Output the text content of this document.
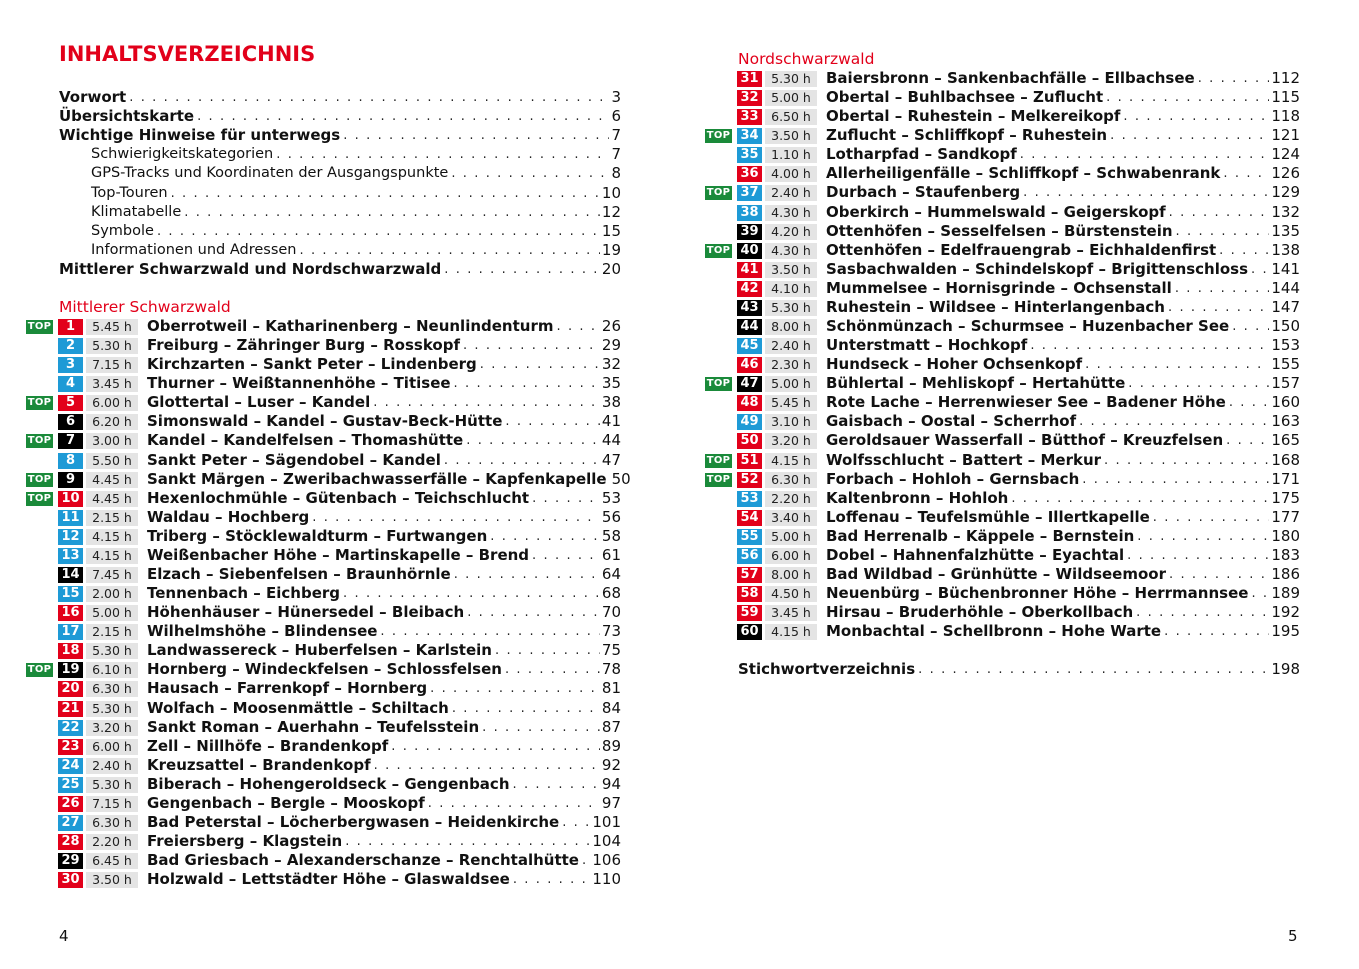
INHALTSVERZEICHNIS
Vorwort . . .	3
Übersichtskarte . . .	6
Wichtige Hinweise für unterwegs . . .	7
Schwierigkeitskategorien . . .	7
GPS-Tracks und Koordinaten der Ausgangspunkte . . .	8
Top-Touren . . .	10
Klimatabelle . . .	12
Symbole . . .	15
Informationen und Adressen . . .	19
Mittlerer Schwarzwald und Nordschwarzwald . . .	20
Mittlerer Schwarzwald
TOP	1	5.45 h	Oberrotweil – Katharinenberg – Neunlindenturm . . .	26
2	5.30 h	Freiburg – Zähringer Burg – Rosskopf . . .	29
3	7.15 h	Kirchzarten – Sankt Peter – Lindenberg . . .	32
4	3.45 h	Thurner – Weißtannenhöhe – Titisee . . .	35
TOP	5	6.00 h	Glottertal – Luser – Kandel . . .	38
6	6.20 h	Simonswald – Kandel – Gustav-Beck-Hütte . . .	41
TOP	7	3.00 h	Kandel – Kandelfelsen – Thomashütte . . .	44
8	5.50 h	Sankt Peter – Sägendobel – Kandel . . .	47
TOP	9	4.45 h	Sankt Märgen – Zweribachwasserfälle – Kapfenkapelle 50
TOP 10	4.45 h	Hexenlochmühle – Gütenbach – Teichschlucht . . .	53
11	2.15 h	Waldau – Hochberg . . .	56
12	4.15 h	Triberg – Stöcklewaldturm – Furtwangen . . .	58
13	4.15 h	Weißenbacher Höhe – Martinskapelle – Brend . . .	61
14	7.45 h	Elzach – Siebenfelsen – Braunhörnle . . .	64
15	2.00 h	Tennenbach – Eichberg . . .	68
16	5.00 h	Höhenhäuser – Hünersedel – Bleibach . . .	70
17	2.15 h	Wilhelmshöhe – Blindensee . . .	73
18	5.30 h	Landwassereck – Huberfelsen – Karlstein . . .	75
TOP 19	6.10 h	Hornberg – Windeckfelsen – Schlossfelsen . . .	78
20	6.30 h	Hausach – Farrenkopf – Hornberg . . .	81
21	5.30 h	Wolfach – Moosenmättle – Schiltach . . .	84
22	3.20 h	Sankt Roman – Auerhahn – Teufelsstein . . .	87
23	6.00 h	Zell – Nillhöfe – Brandenkopf . . .	89
24	2.40 h	Kreuzsattel – Brandenkopf . . .	92
25	5.30 h	Biberach – Hohengeroldseck – Gengenbach . . .	94
26	7.15 h	Gengenbach – Bergle – Mooskopf . . .	97
27	6.30 h	Bad Peterstal – Löcherbergwasen – Heidenkirche . . . 101
28	2.20 h	Freiersberg – Klagstein . . .	104
29	6.45 h	Bad Griesbach – Alexanderschanze – Renchtalhütte . . . 106
30	3.50 h	Holzwald – Lettstädter Höhe – Glaswaldsee . . .	110
4
Nordschwarzwald
31	5.30 h	Baiersbronn – Sankenbachfälle – Ellbachsee . . .	112
32	5.00 h	Obertal – Buhlbachsee – Zuflucht . . .	115
33	6.50 h	Obertal – Ruhestein – Melkereikopf . . .	118
TOP 34	3.50 h	Zuflucht – Schliffkopf – Ruhestein . . .	121
35	1.10 h	Lotharpfad – Sandkopf . . .	124
36	4.00 h	Allerheiligenfälle – Schliffkopf – Schwabenrank . . .	126
TOP 37	2.40 h	Durbach – Staufenberg . . .	129
38	4.30 h	Oberkirch – Hummelswald – Geigerskopf . . .	132
39	4.20 h	Ottenhöfen – Sesselfelsen – Bürstenstein . . .	135
TOP 40	4.30 h	Ottenhöfen – Edelfrauengrab – Eichhaldenfirst . . .	138
41	3.50 h	Sasbachwalden – Schindelskopf – Brigittenschloss . . . 141
42	4.10 h	Mummelsee – Hornisgrinde – Ochsenstall . . .	144
43	5.30 h	Ruhestein – Wildsee – Hinterlangenbach . . .	147
44	8.00 h	Schönmünzach – Schurmsee – Huzenbacher See . . .	150
45	2.40 h	Unterstmatt – Hochkopf . . .	153
46	2.30 h	Hundseck – Hoher Ochsenkopf . . .	155
TOP 47	5.00 h	Bühlertal – Mehliskopf – Hertahütte . . .	157
48	5.45 h	Rote Lache – Herrenwieser See – Badener Höhe . . .	160
49	3.10 h	Gaisbach – Oostal – Scherrhof . . .	163
50	3.20 h	Geroldsauer Wasserfall – Bütthof – Kreuzfelsen . . .	165
TOP 51	4.15 h	Wolfsschlucht – Battert – Merkur . . .	168
TOP 52	6.30 h	Forbach – Hohloh – Gernsbach . . .	171
53	2.20 h	Kaltenbronn – Hohloh . . .	175
54	3.40 h	Loffenau – Teufelsmühle – Illertkapelle . . .	177
55	5.00 h	Bad Herrenalb – Käppele – Bernstein . . .	180
56	6.00 h	Dobel – Hahnenfalzhütte – Eyachtal . . .	183
57	8.00 h	Bad Wildbad – Grünhütte – Wildseemoor . . .	186
58	4.50 h	Neuenbürg – Büchenbronner Höhe – Herrmannsee . . . 189
59	3.45 h	Hirsau – Bruderhöhle – Oberkollbach . . .	192
60	4.15 h	Monbachtal – Schellbronn – Hohe Warte . . .	195
Stichwortverzeichnis . . .	198
5
